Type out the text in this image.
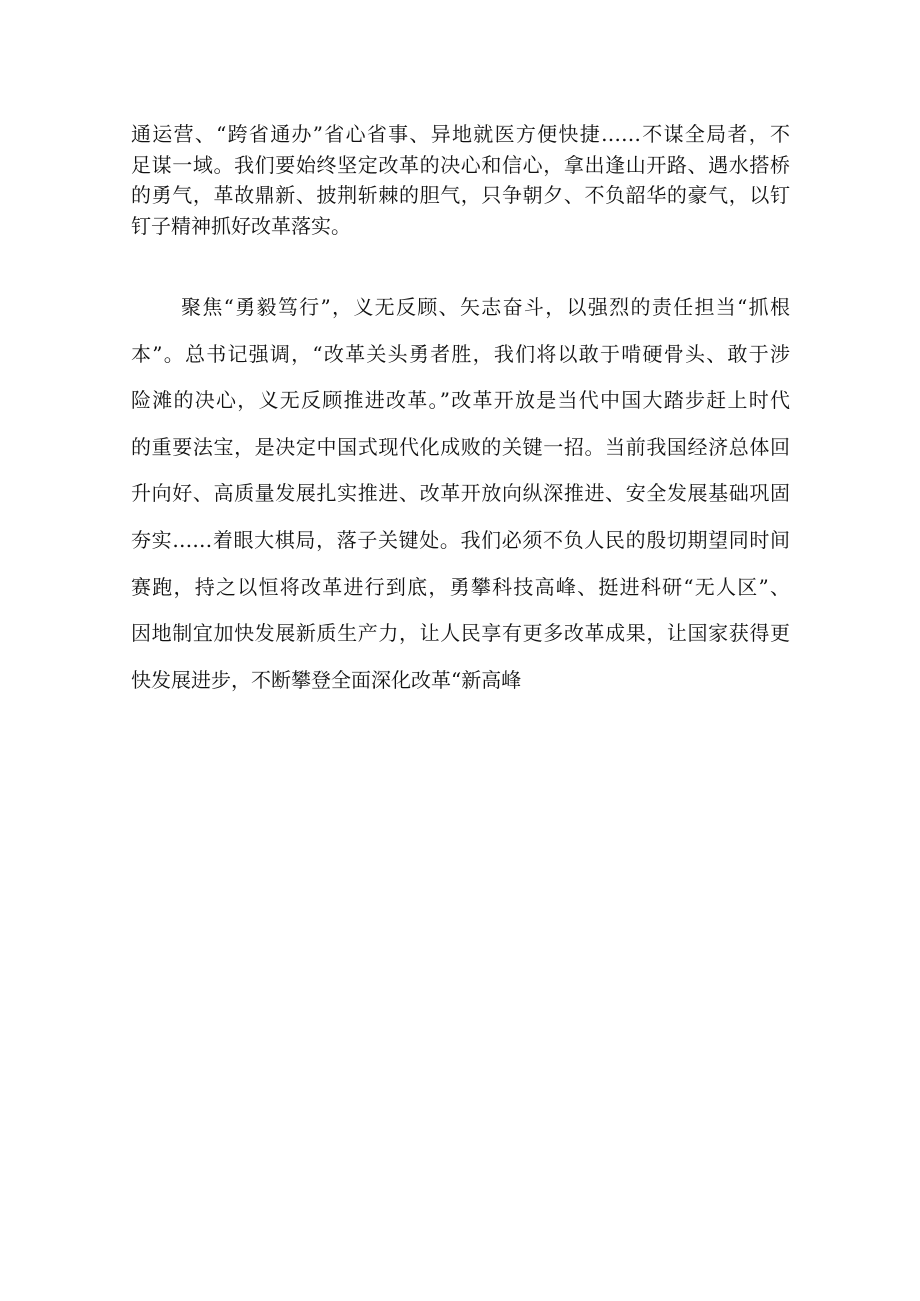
通运营、“跨省通办”省心省事、异地就医方便快捷……不谋全局者，不
足谋一域。我们要始终坚定改革的决心和信心，拿出逢山开路、遇水搭桥
的勇气，革故鼎新、披荆斩棘的胆气，只争朝夕、不负韶华的豪气，以钉
钉子精神抓好改革落实。
聚焦“勇毅笃行”，义无反顾、矢志奋斗，以强烈的责任担当“抓根
本”。总书记强调，“改革关头勇者胜，我们将以敢于啃硬骨头、敢于涉
险滩的决心，义无反顾推进改革。”改革开放是当代中国大踏步赶上时代
的重要法宝，是决定中国式现代化成败的关键一招。当前我国经济总体回
升向好、高质量发展扎实推进、改革开放向纵深推进、安全发展基础巩固
夯实……着眼大棋局，落子关键处。我们必须不负人民的殷切期望同时间
赛跑，持之以恒将改革进行到底，勇攀科技高峰、挺进科研“无人区”、
因地制宜加快发展新质生产力，让人民享有更多改革成果，让国家获得更
快发展进步，不断攀登全面深化改革“新高峰
